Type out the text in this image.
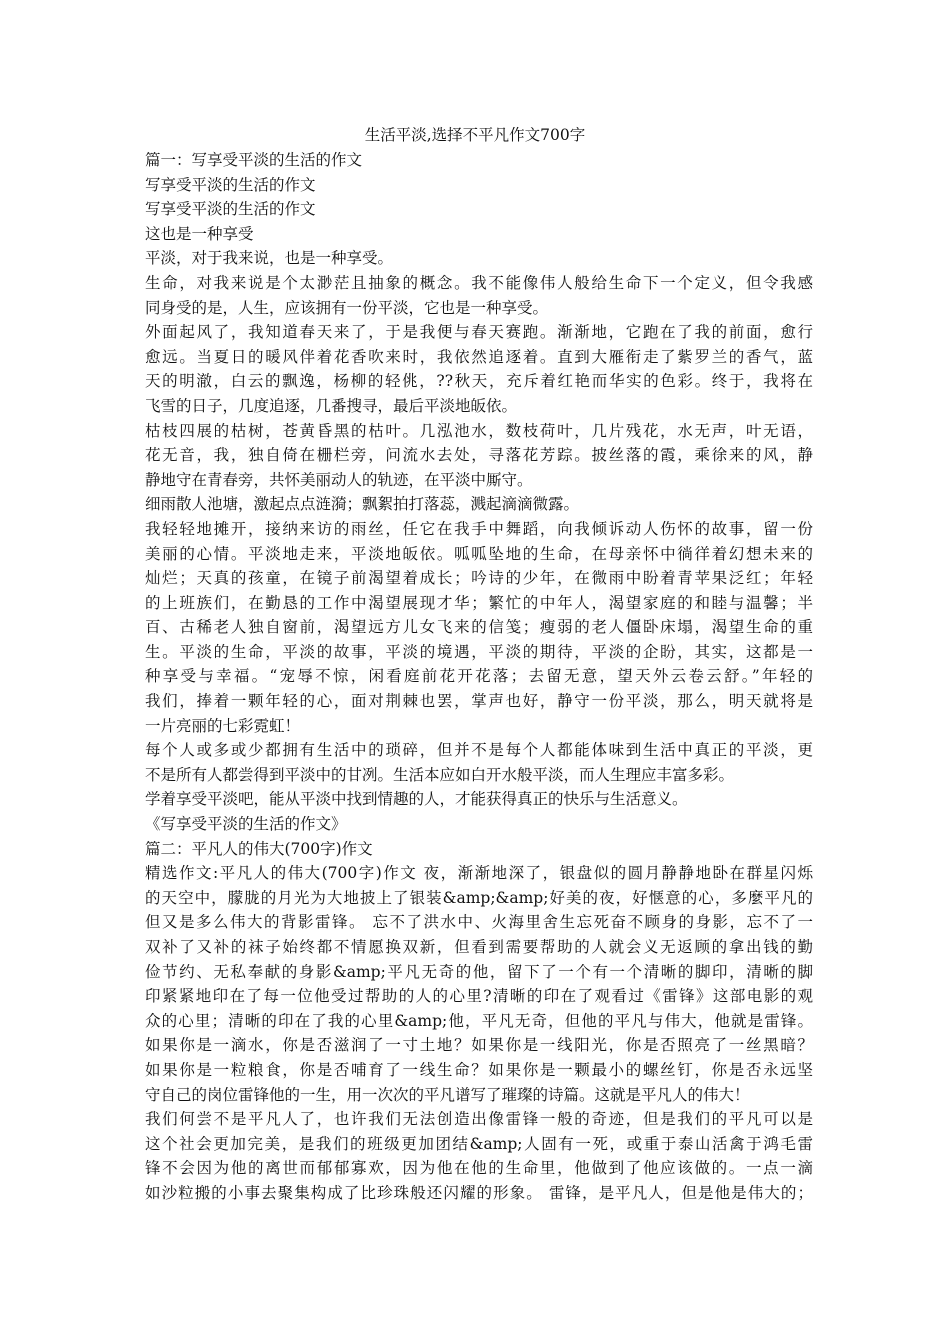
生活平淡,选择不平凡作文700字
篇一：写享受平淡的生活的作文
写享受平淡的生活的作文
写享受平淡的生活的作文
这也是一种享受
平淡，对于我来说，也是一种享受。
生命，对我来说是个太渺茫且抽象的概念。我不能像伟人般给生命下一个定义，但令我感
同身受的是，人生，应该拥有一份平淡，它也是一种享受。
外面起风了，我知道春天来了，于是我便与春天赛跑。渐渐地，它跑在了我的前面，愈行
愈远。当夏日的暖风伴着花香吹来时，我依然追逐着。直到大雁衔走了紫罗兰的香气，蓝
天的明澈，白云的飘逸，杨柳的轻佻，??秋天，充斥着红艳而华实的色彩。终于，我将在
飞雪的日子，几度追逐，几番搜寻，最后平淡地皈依。
枯枝四展的枯树，苍黄昏黑的枯叶。几泓池水，数枝荷叶，几片残花，水无声，叶无语，
花无音，我，独自倚在栅栏旁，问流水去处，寻落花芳踪。披丝落的霞，乘徐来的风，静
静地守在青春旁，共怀美丽动人的轨迹，在平淡中厮守。
细雨散人池塘，激起点点涟漪；飘絮拍打落蕊，溅起滴滴微露。
我轻轻地摊开，接纳来访的雨丝，任它在我手中舞蹈，向我倾诉动人伤怀的故事，留一份
美丽的心情。平淡地走来，平淡地皈依。呱呱坠地的生命，在母亲怀中徜徉着幻想未来的
灿烂；天真的孩童，在镜子前渴望着成长；吟诗的少年，在微雨中盼着青苹果泛红；年轻
的上班族们，在勤恳的工作中渴望展现才华；繁忙的中年人，渴望家庭的和睦与温馨；半
百、古稀老人独自窗前，渴望远方儿女飞来的信笺；瘦弱的老人僵卧床塌，渴望生命的重
生。平淡的生命，平淡的故事，平淡的境遇，平淡的期待，平淡的企盼，其实，这都是一
种享受与幸福。“宠辱不惊，闲看庭前花开花落；去留无意，望天外云卷云舒。”年轻的
我们，捧着一颗年轻的心，面对荆棘也罢，掌声也好，静守一份平淡，那么，明天就将是
一片亮丽的七彩霓虹！
每个人或多或少都拥有生活中的琐碎，但并不是每个人都能体味到生活中真正的平淡，更
不是所有人都尝得到平淡中的甘冽。生活本应如白开水般平淡，而人生理应丰富多彩。
学着享受平淡吧，能从平淡中找到情趣的人，才能获得真正的快乐与生活意义。
《写享受平淡的生活的作文》
篇二：平凡人的伟大(700字)作文
精选作文:平凡人的伟大(700字)作文 夜，渐渐地深了，银盘似的圆月静静地卧在群星闪烁
的天空中，朦胧的月光为大地披上了银装&amp;&amp;好美的夜，好惬意的心，多麼平凡的
但又是多么伟大的背影雷锋。 忘不了洪水中、火海里舍生忘死奋不顾身的身影，忘不了一
双补了又补的袜子始终都不情愿换双新，但看到需要帮助的人就会义无返顾的拿出钱的勤
俭节约、无私奉献的身影&amp;平凡无奇的他，留下了一个有一个清晰的脚印，清晰的脚
印紧紧地印在了每一位他受过帮助的人的心里?清晰的印在了观看过《雷锋》这部电影的观
众的心里；清晰的印在了我的心里&amp;他，平凡无奇，但他的平凡与伟大，他就是雷锋。
如果你是一滴水，你是否滋润了一寸土地？如果你是一线阳光，你是否照亮了一丝黑暗？
如果你是一粒粮食，你是否哺育了一线生命？如果你是一颗最小的螺丝钉，你是否永远坚
守自己的岗位雷锋他的一生，用一次次的平凡谱写了璀璨的诗篇。这就是平凡人的伟大！
我们何尝不是平凡人了，也许我们无法创造出像雷锋一般的奇迹，但是我们的平凡可以是
这个社会更加完美，是我们的班级更加团结&amp;人固有一死，或重于泰山活禽于鸿毛雷
锋不会因为他的离世而郁郁寡欢，因为他在他的生命里，他做到了他应该做的。一点一滴
如沙粒搬的小事去聚集构成了比珍珠般还闪耀的形象。 雷锋，是平凡人，但是他是伟大的；
